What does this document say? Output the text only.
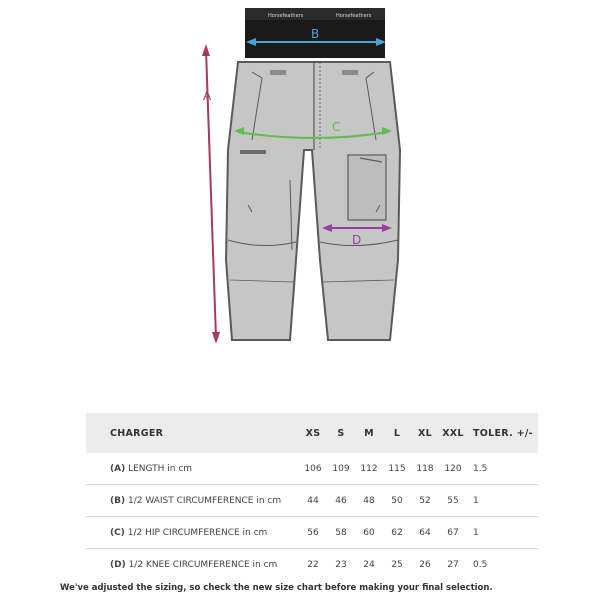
Horsefeathers	Horsefeathers
A
B
C
D
CHARGER	XS	S	M	L	XL	XXL	TOLER. +/-
(A) LENGTH in cm	106	109	112	115	118	120	1.5
(B) 1/2 WAIST CIRCUMFERENCE in cm	44	46	48	50	52	55	1
(C) 1/2 HIP CIRCUMFERENCE in cm	56	58	60	62	64	67	1
(D) 1/2 KNEE CIRCUMFERENCE in cm	22	23	24	25	26	27	0.5
We've adjusted the sizing, so check the new size chart before making your final selection.
